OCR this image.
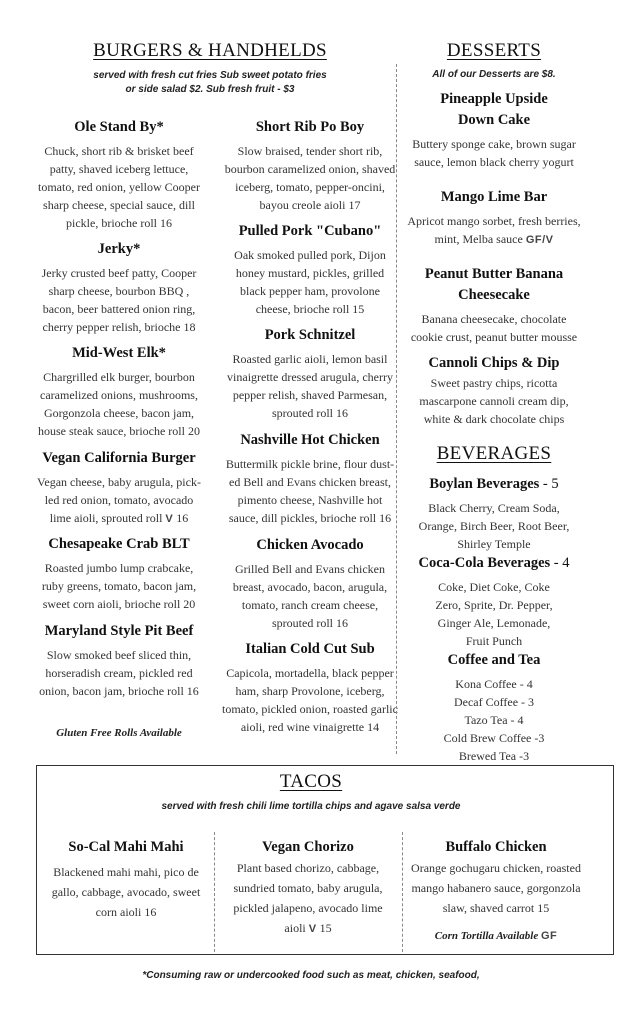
BURGERS & HANDHELDS
served with fresh cut fries Sub sweet potato fries
or side salad $2. Sub fresh fruit - $3
Ole Stand By*
Chuck, short rib & brisket beef patty, shaved iceberg lettuce, tomato, red onion, yellow Cooper sharp cheese, special sauce, dill pickle, brioche roll 16
Jerky*
Jerky crusted beef patty, Cooper sharp cheese, bourbon BBQ , bacon, beer battered onion ring, cherry pepper relish, brioche 18
Mid-West Elk*
Chargrilled elk burger, bourbon caramelized onions, mushrooms, Gorgonzola cheese, bacon jam, house steak sauce, brioche roll 20
Vegan California Burger
Vegan cheese, baby arugula, pick-led red onion, tomato, avocado lime aioli, sprouted roll V 16
Chesapeake Crab BLT
Roasted jumbo lump crabcake, ruby greens, tomato, bacon jam, sweet corn aioli, brioche roll 20
Maryland Style Pit Beef
Slow smoked beef sliced thin, horseradish cream, pickled red onion, bacon jam, brioche roll 16
Gluten Free Rolls Available
Short Rib Po Boy
Slow braised, tender short rib, bourbon caramelized onion, shaved iceberg, tomato, pepper-oncini, bayou creole aioli 17
Pulled Pork "Cubano"
Oak smoked pulled pork, Dijon honey mustard, pickles, grilled black pepper ham, provolone cheese, brioche roll 15
Pork Schnitzel
Roasted garlic aioli, lemon basil vinaigrette dressed arugula, cherry pepper relish, shaved Parmesan, sprouted roll 16
Nashville Hot Chicken
Buttermilk pickle brine, flour dust-ed Bell and Evans chicken breast, pimento cheese, Nashville hot sauce, dill pickles, brioche roll 16
Chicken Avocado
Grilled Bell and Evans chicken breast, avocado, bacon, arugula, tomato, ranch cream cheese, sprouted roll 16
Italian Cold Cut Sub
Capicola, mortadella, black pepper ham, sharp Provolone, iceberg, tomato, pickled onion, roasted garlic aioli, red wine vinaigrette 14
DESSERTS
All of our Desserts are $8.
Pineapple Upside Down Cake
Buttery sponge cake, brown sugar sauce, lemon black cherry yogurt
Mango Lime Bar
Apricot mango sorbet, fresh berries, mint, Melba sauce GF/V
Peanut Butter Banana Cheesecake
Banana cheesecake, chocolate cookie crust, peanut butter mousse
Cannoli Chips & Dip
Sweet pastry chips, ricotta mascarpone cannoli cream dip, white & dark chocolate chips
BEVERAGES
Boylan Beverages - 5
Black Cherry, Cream Soda, Orange, Birch Beer, Root Beer, Shirley Temple
Coca-Cola Beverages - 4
Coke, Diet Coke, Coke Zero, Sprite, Dr. Pepper, Ginger Ale, Lemonade, Fruit Punch
Coffee and Tea
Kona Coffee - 4
Decaf Coffee - 3
Tazo Tea - 4
Cold Brew Coffee -3
Brewed Tea -3
TACOS
served with fresh chili lime tortilla chips and agave salsa verde
So-Cal Mahi Mahi
Blackened mahi mahi, pico de gallo, cabbage, avocado, sweet corn aioli 16
Vegan Chorizo
Plant based chorizo, cabbage, sundried tomato, baby arugula, pickled jalapeno, avocado lime aioli V 15
Buffalo Chicken
Orange gochugaru chicken, roasted mango habanero sauce, gorgonzola slaw, shaved carrot 15
Corn Tortilla Available GF
*Consuming raw or undercooked food such as meat, chicken, seafood,
